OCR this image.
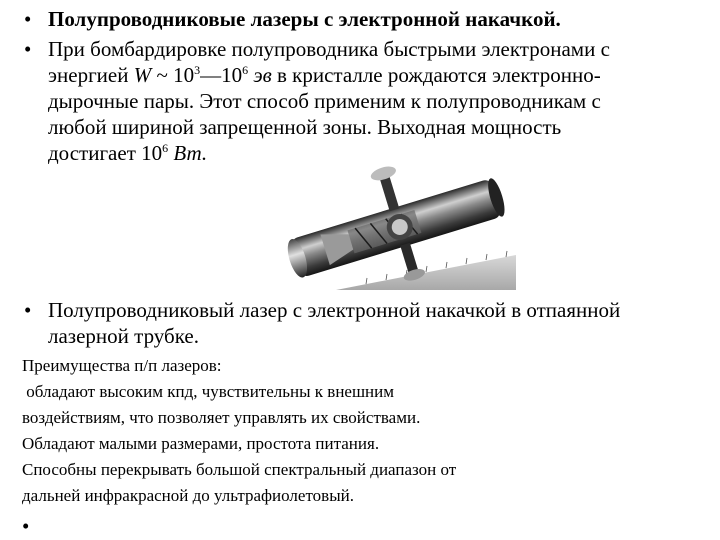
• Полупроводниковые лазеры с электронной накачкой.
• При бомбардировке полупроводника быстрыми электронами с
энергией W ~ $10^3—10^6$ эв в кристалле рождаются электронно-
дырочные пары. Этот способ применим к полупроводникам с
любой шириной запрещенной зоны. Выходная мощность
достигает $10^6$ Вт.
• Полупроводниковый лазер с электронной накачкой в отпаянной
лазерной трубке.
Преимущества п/п лазеров:
обладают высоким кпд, чувствительны к внешним
воздействиям, что позволяет управлять их свойствами.
Обладают малыми размерами, простота питания.
Способны перекрывать большой спектральный диапазон от
дальней инфракрасной до ультрафиолетовый.
•
